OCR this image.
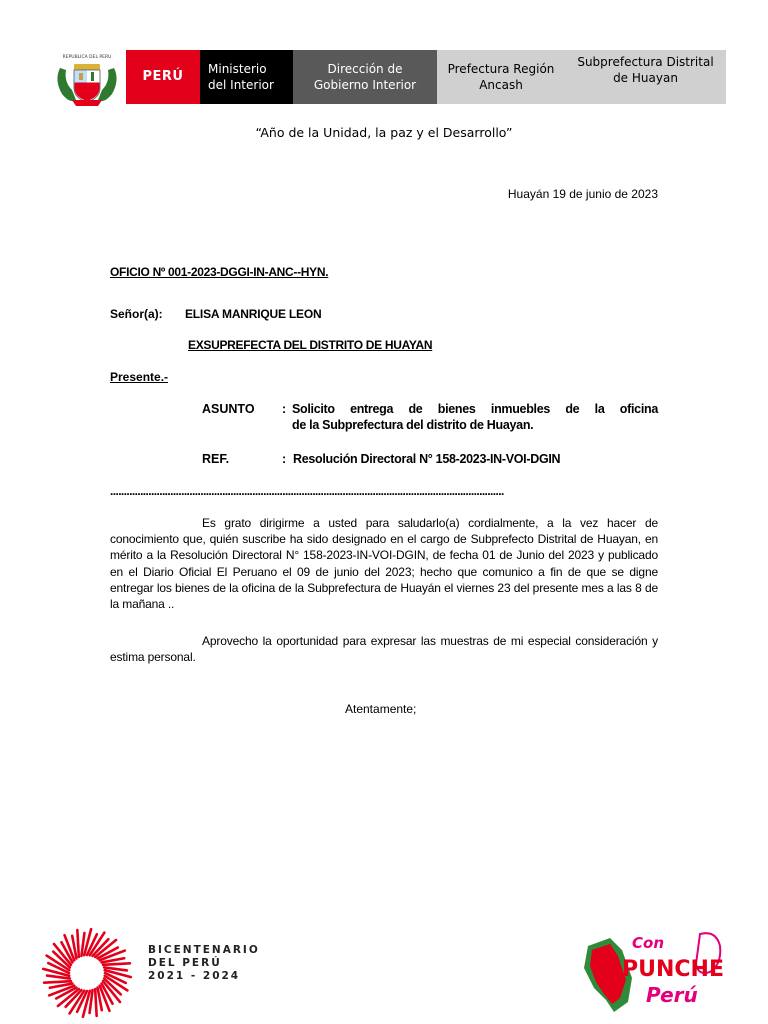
REPUBLICA DEL PERU
PERÚ Ministerio
del Interior
Dirección de
Gobierno Interior
Prefectura Región
Ancash
Subprefectura Distrital
de Huayan
“Año de la Unidad, la paz y el Desarrollo”
Huayán 19 de junio de 2023
OFICIO Nº 001-2023-DGGI-IN-ANC--HYN.
Señor(a): ELISA MANRIQUE LEON
EXSUPREFECTA DEL DISTRITO DE HUAYAN
Presente.-
ASUNTO : Solicito entrega de bienes inmuebles de la oficina
de la Subprefectura del distrito de Huayan.
REF.	: Resolución Directoral N° 158-2023-IN-VOI-DGIN
................................................................................................................................................
Es grato dirigirme a usted para saludarlo(a) cordialmente, a la vez hacer de conocimiento que, quién suscribe ha sido designado en el cargo de Subprefecto Distrital de Huayan, en mérito a la Resolución Directoral N° 158-2023-IN-VOI-DGIN, de fecha 01 de Junio del 2023 y publicado en el Diario Oficial El Peruano el 09 de junio del 2023; hecho que comunico a fin de que se digne entregar los bienes de la oficina de la Subprefectura de Huayán el viernes 23 del presente mes a las 8 de la mañana ..
Aprovecho la oportunidad para expresar las muestras de mi especial consideración y estima personal.
Atentamente;
BICENTENARIO
DEL PERÚ
2021 - 2024
Con
PUNCHE
Perú
